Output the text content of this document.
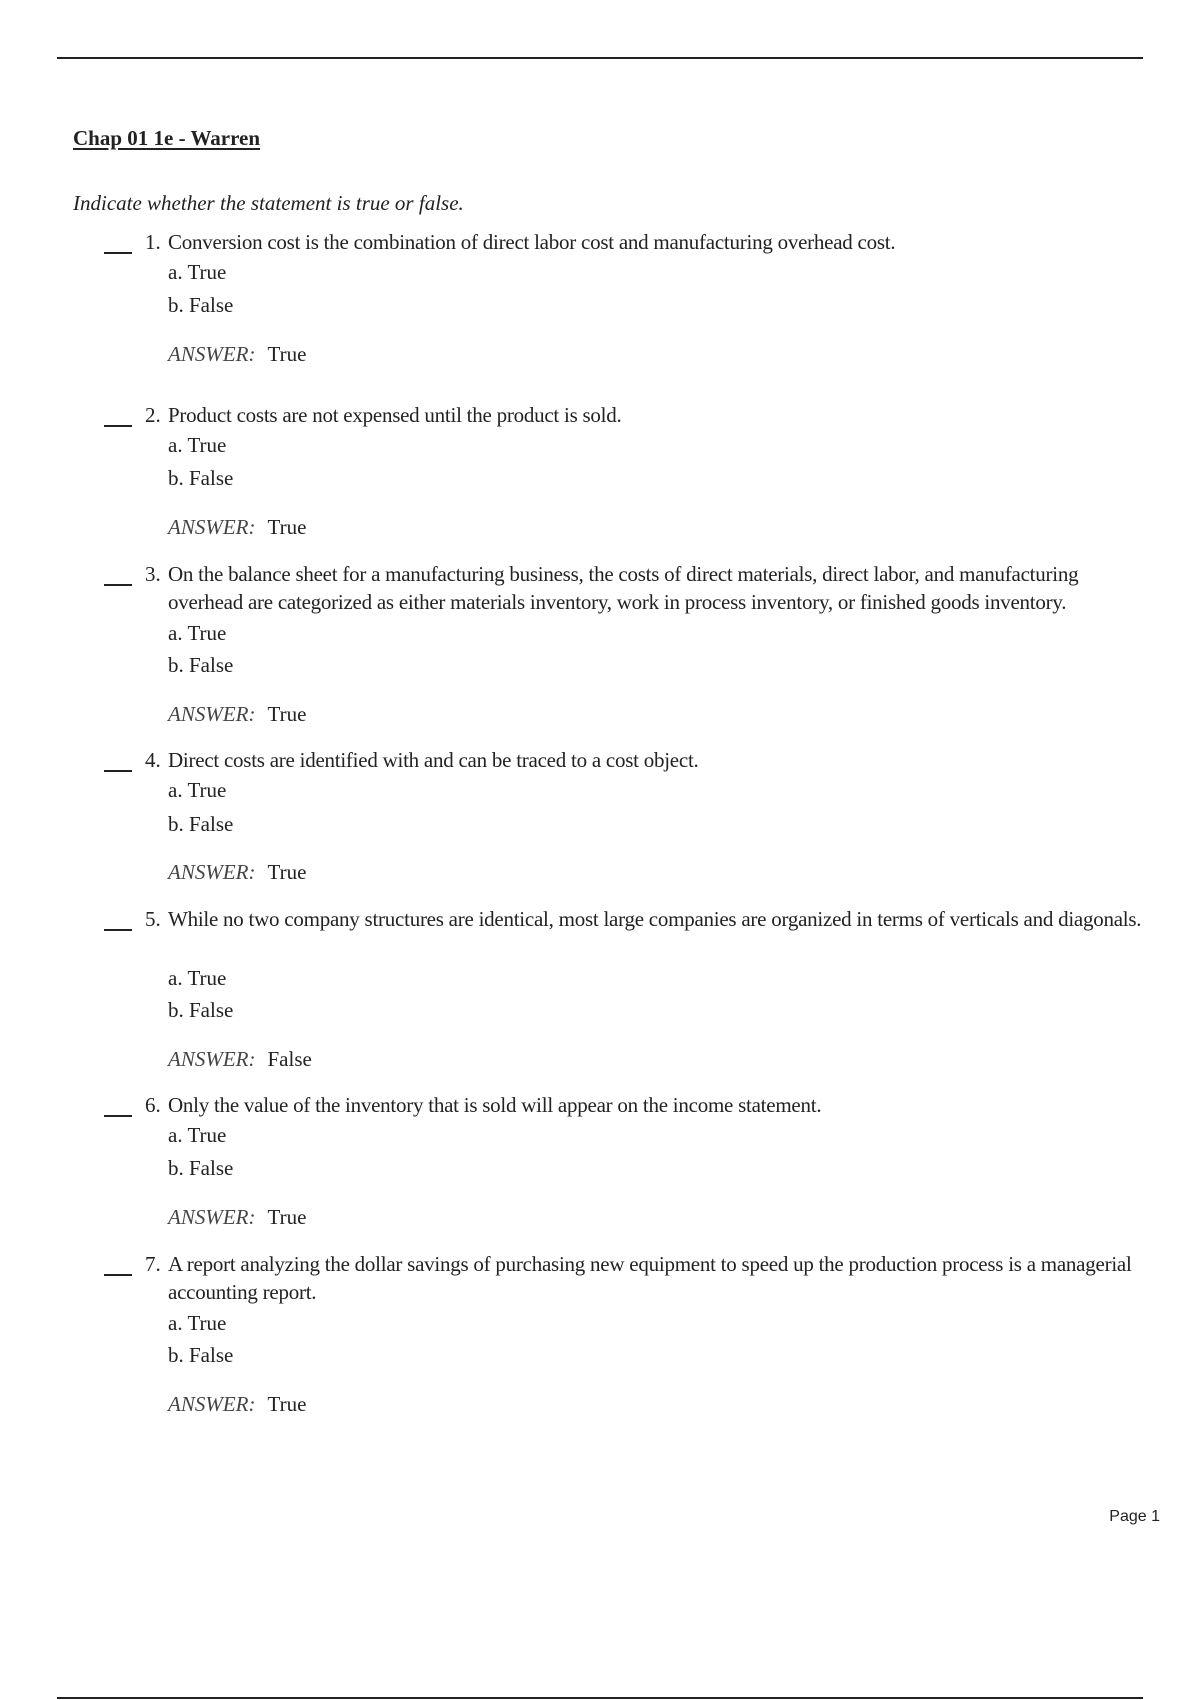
Chap 01 1e - Warren

Indicate whether the statement is true or false.

1. Conversion cost is the combination of direct labor cost and manufacturing overhead cost.
a. True
b. False
ANSWER: True
2. Product costs are not expensed until the product is sold.
a. True
b. False
ANSWER: True
3. On the balance sheet for a manufacturing business, the costs of direct materials, direct labor, and manufacturing overhead are categorized as either materials inventory, work in process inventory, or finished goods inventory.
a. True
b. False
ANSWER: True
4. Direct costs are identified with and can be traced to a cost object.
a. True
b. False
ANSWER: True
5. While no two company structures are identical, most large companies are organized in terms of verticals and diagonals.
a. True
b. False
ANSWER: False
6. Only the value of the inventory that is sold will appear on the income statement.
a. True
b. False
ANSWER: True
7. A report analyzing the dollar savings of purchasing new equipment to speed up the production process is a managerial accounting report.
a. True
b. False
ANSWER: True
Page 1
